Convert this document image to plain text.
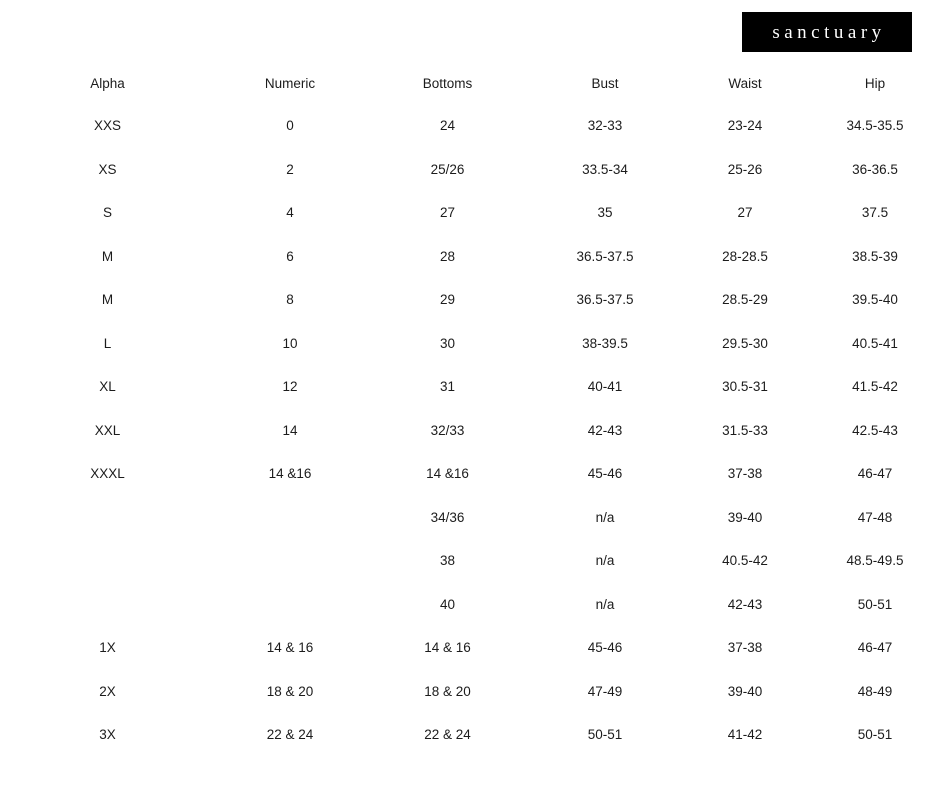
sanctuary
Alpha	Numeric	Bottoms	Bust	Waist	Hip
XXS	0	24	32-33	23-24	34.5-35.5
XS	2	25/26	33.5-34	25-26	36-36.5
S	4	27	35	27	37.5
M	6	28	36.5-37.5	28-28.5	38.5-39
M	8	29	36.5-37.5	28.5-29	39.5-40
L	10	30	38-39.5	29.5-30	40.5-41
XL	12	31	40-41	30.5-31	41.5-42
XXL	14	32/33	42-43	31.5-33	42.5-43
XXXL	14 &16	14 &16	45-46	37-38	46-47
		34/36	n/a	39-40	47-48
		38	n/a	40.5-42	48.5-49.5
		40	n/a	42-43	50-51
1X	14 & 16	14 & 16	45-46	37-38	46-47
2X	18 & 20	18 & 20	47-49	39-40	48-49
3X	22 & 24	22 & 24	50-51	41-42	50-51
